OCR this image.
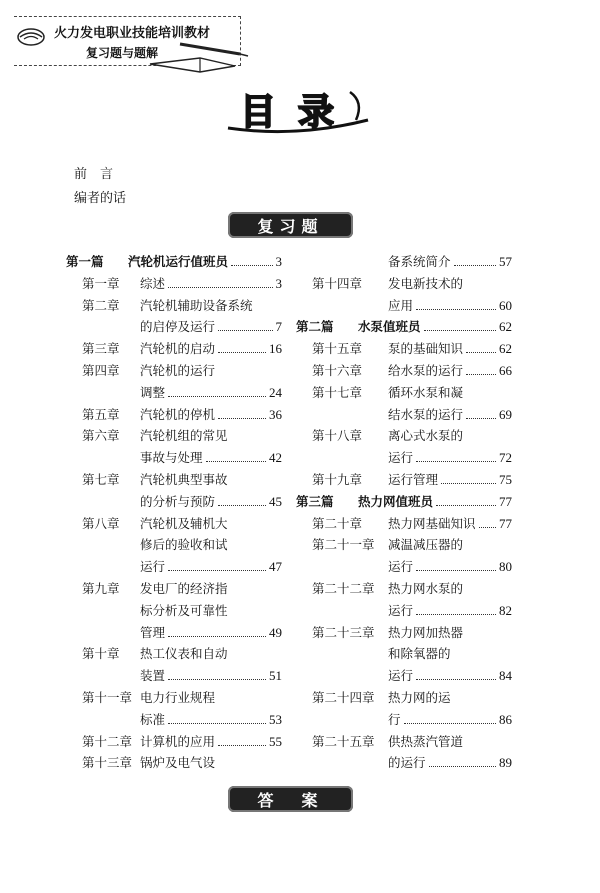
火力发电职业技能培训教材
复习题与题解
目录
前　言
编者的话
复习题
第一篇	汽轮机运行值班员	3
第一章	综述	3
第二章	汽轮机辅助设备系统
的启停及运行	7
第三章	汽轮机的启动	16
第四章	汽轮机的运行
调整	24
第五章	汽轮机的停机	36
第六章	汽轮机组的常见
事故与处理	42
第七章	汽轮机典型事故
的分析与预防	45
第八章	汽轮机及辅机大
修后的验收和试
运行	47
第九章	发电厂的经济指
标分析及可靠性
管理	49
第十章	热工仪表和自动
装置	51
第十一章 电力行业规程
标准	53
第十二章 计算机的应用	55
第十三章 锅炉及电气设
备系统简介	57
第十四章	发电新技术的
应用	60
第二篇	水泵值班员	62
第十五章	泵的基础知识	62
第十六章	给水泵的运行	66
第十七章	循环水泵和凝
结水泵的运行	69
第十八章	离心式水泵的
运行	72
第十九章	运行管理	75
第三篇	热力网值班员	77
第二十章	热力网基础知识 77
第二十一章	减温减压器的
运行	80
第二十二章	热力网水泵的
运行	82
第二十三章	热力网加热器
和除氧器的
运行	84
第二十四章	热力网的运
行	86
第二十五章	供热蒸汽管道
的运行	89
答　案
